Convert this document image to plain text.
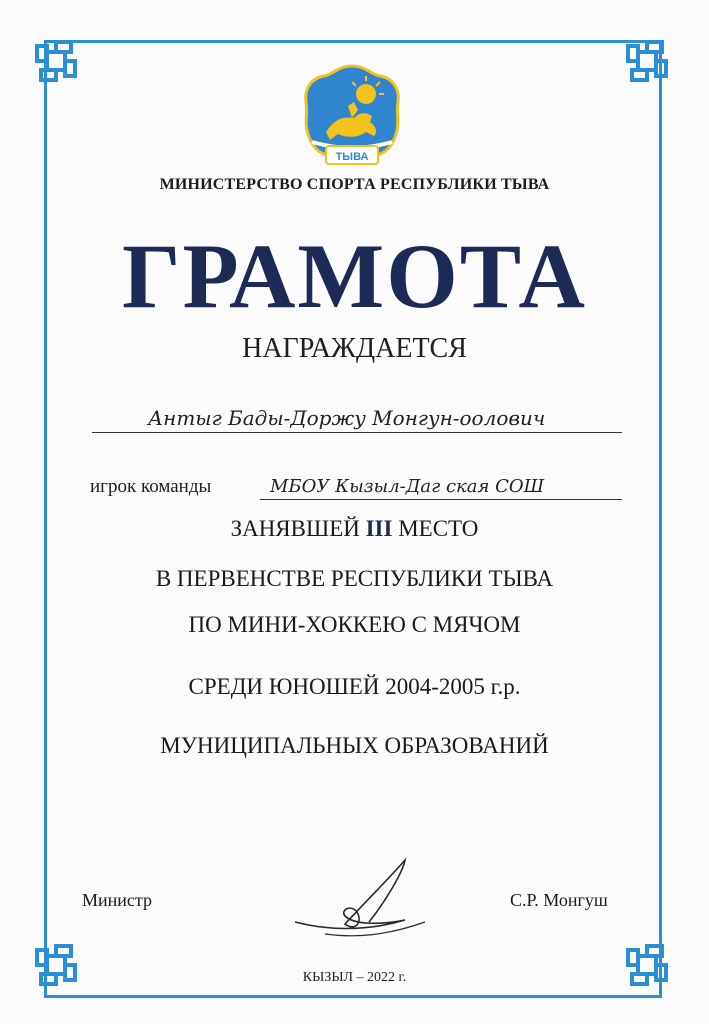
ТЫВА
МИНИСТЕРСТВО СПОРТА РЕСПУБЛИКИ ТЫВА
ГРАМОТА
НАГРАЖДАЕТСЯ
Антыг Бады-Доржу Монгун-оолович
игрок команды	МБОУ Кызыл-Даг ская СОШ
ЗАНЯВШЕЙ III МЕСТО
В ПЕРВЕНСТВЕ РЕСПУБЛИКИ ТЫВА
ПО МИНИ-ХОККЕЮ С МЯЧОМ
СРЕДИ ЮНОШЕЙ 2004-2005 г.р.
МУНИЦИПАЛЬНЫХ ОБРАЗОВАНИЙ
Министр	С.Р. Монгуш
КЫЗЫЛ – 2022 г.
